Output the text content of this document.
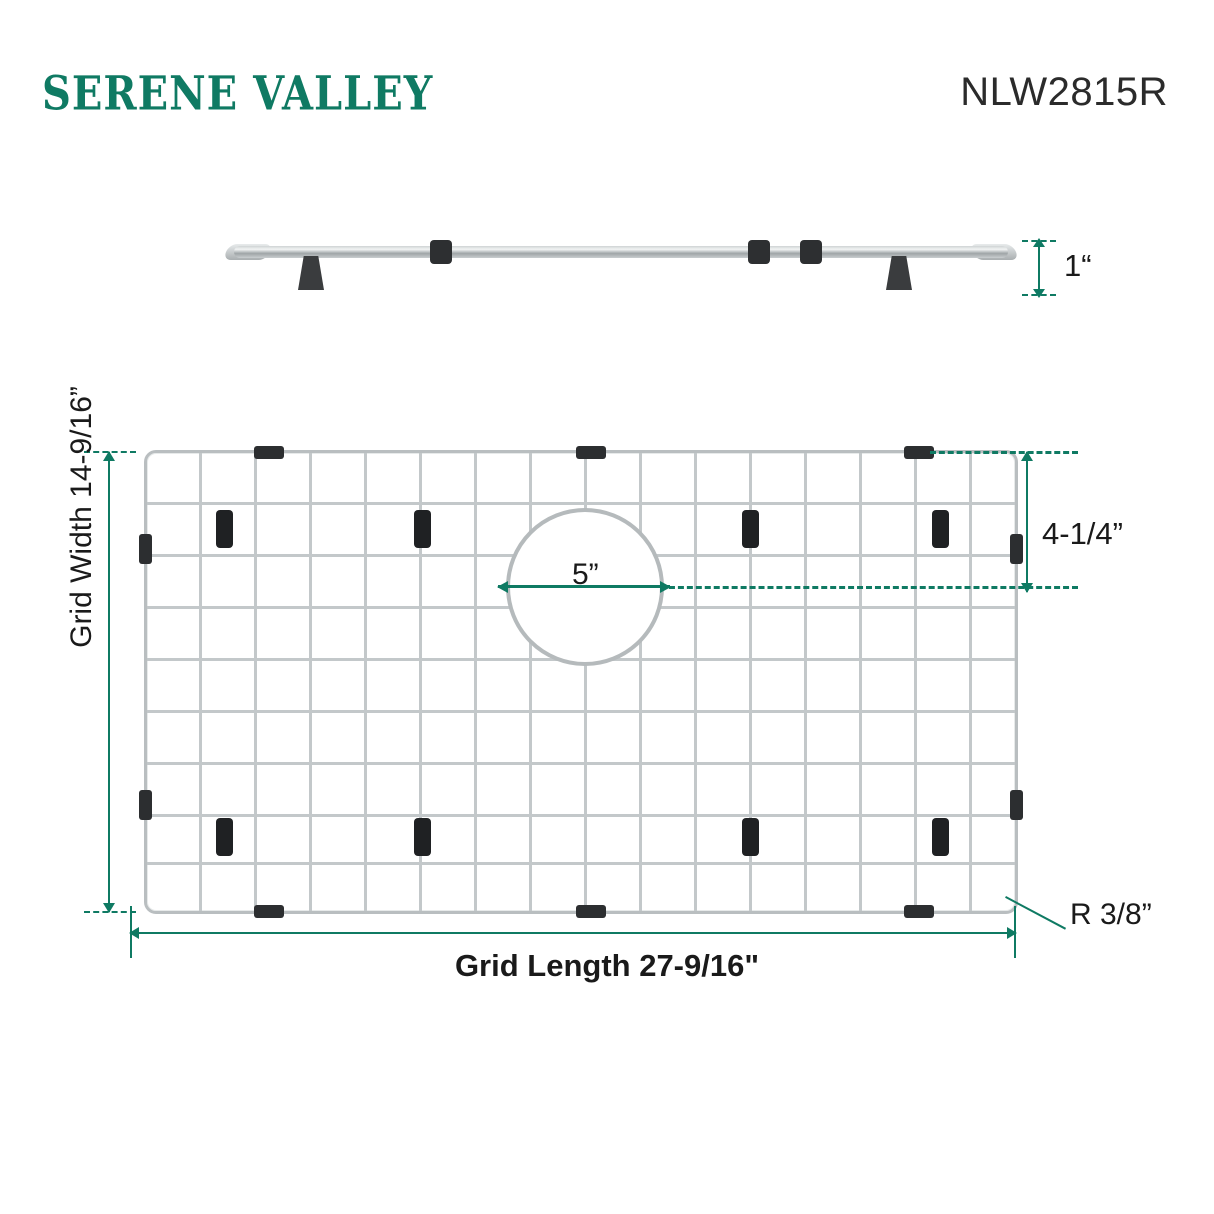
SERENE VALLEY	NLW2815R
1“
Grid Width 14-9/16”	4-1/4”
5”
Grid Length 27-9/16"
R 3/8”
